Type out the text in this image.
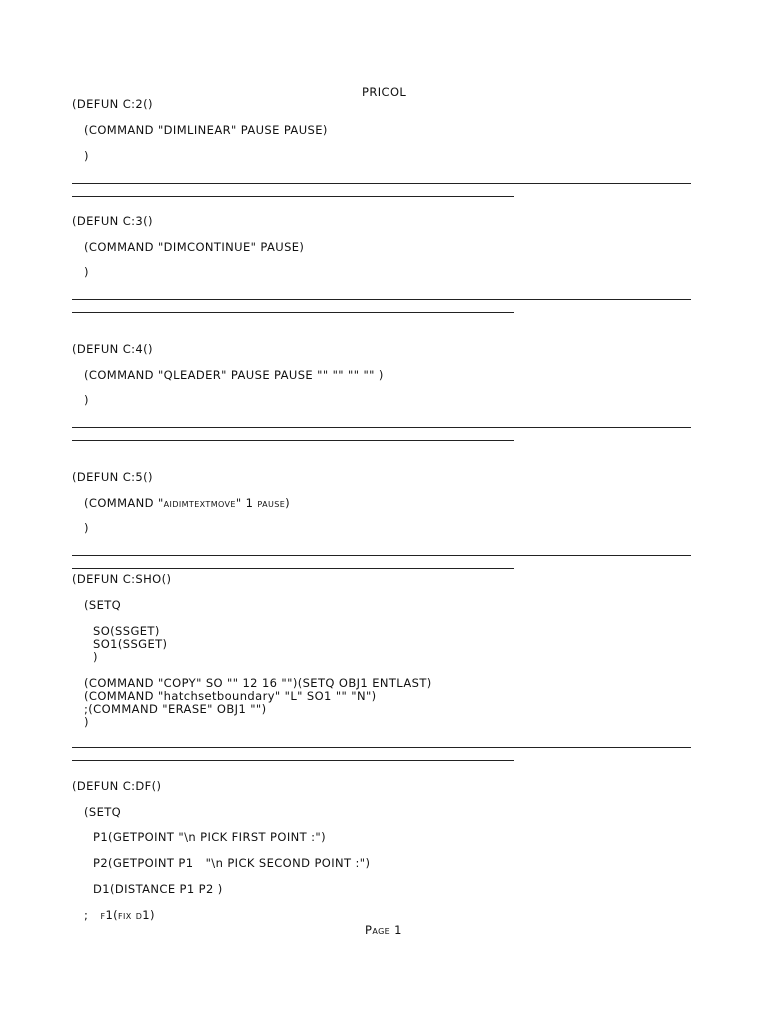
PRICOL
(DEFUN C:2()
(COMMAND "DIMLINEAR" PAUSE PAUSE)
)
(DEFUN C:3()
(COMMAND "DIMCONTINUE" PAUSE)
)
(DEFUN C:4()
(COMMAND "QLEADER" PAUSE PAUSE "" "" "" "" )
)
(DEFUN C:5()
(COMMAND "aidimtextmove" 1 pause)
)
(DEFUN C:SHO()
(SETQ
SO(SSGET)
SO1(SSGET)
)
(COMMAND "COPY" SO "" 12 16 "")(SETQ OBJ1 ENTLAST)
(COMMAND "hatchsetboundary" "L" SO1 "" "N")
;(COMMAND "ERASE" OBJ1 "")
)
(DEFUN C:DF()
(SETQ
P1(GETPOINT "\n PICK FIRST POINT :")
P2(GETPOINT P1   "\n PICK SECOND POINT :")
D1(DISTANCE P1 P2 )
;   f1(fix d1)
Page 1
